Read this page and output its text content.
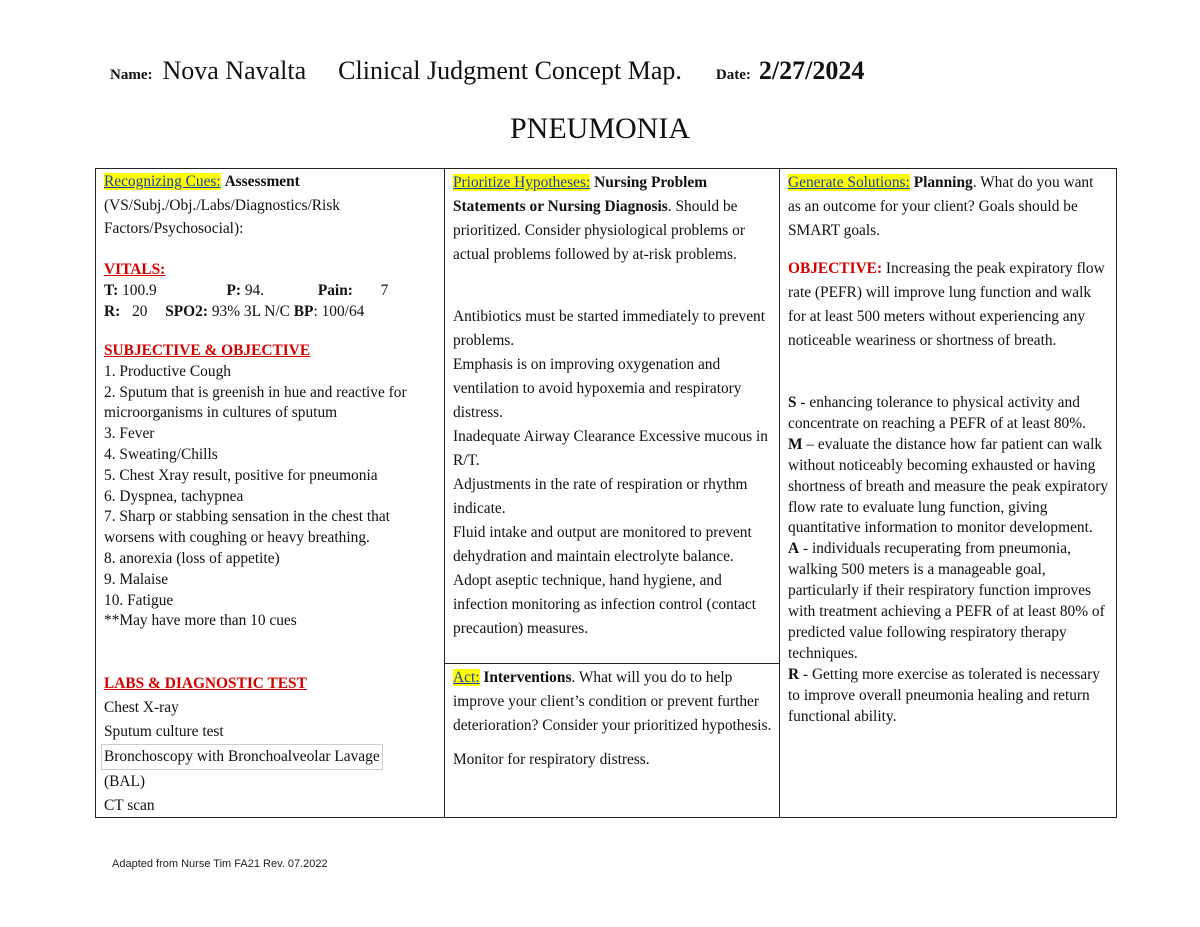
Name: Nova Navalta Clinical Judgment Concept Map. Date: 2/27/2024
PNEUMONIA
Recognizing Cues: Assessment
(VS/Subj./Obj./Labs/Diagnostics/Risk Factors/Psychosocial):
VITALS:
T: 100.9	P: 94.	Pain: 7
R: 20 SPO2: 93% 3L N/C BP: 100/64
SUBJECTIVE & OBJECTIVE
1. Productive Cough
2. Sputum that is greenish in hue and reactive for microorganisms in cultures of sputum
3. Fever
4. Sweating/Chills
5. Chest Xray result, positive for pneumonia
6. Dyspnea, tachypnea
7. Sharp or stabbing sensation in the chest that worsens with coughing or heavy breathing.
8. anorexia (loss of appetite)
9. Malaise
10. Fatigue
**May have more than 10 cues
LABS & DIAGNOSTIC TEST
Chest X-ray
Sputum culture test
Bronchoscopy with Bronchoalveolar Lavage
(BAL)
CT scan
Prioritize Hypotheses: Nursing Problem Statements or Nursing Diagnosis. Should be prioritized. Consider physiological problems or actual problems followed by at-risk problems.
Antibiotics must be started immediately to prevent problems.
Emphasis is on improving oxygenation and ventilation to avoid hypoxemia and respiratory distress.
Inadequate Airway Clearance Excessive mucous in R/T.
Adjustments in the rate of respiration or rhythm indicate.
Fluid intake and output are monitored to prevent dehydration and maintain electrolyte balance.
Adopt aseptic technique, hand hygiene, and infection monitoring as infection control (contact precaution) measures.
Act: Interventions. What will you do to help improve your client’s condition or prevent further deterioration? Consider your prioritized hypothesis.
Monitor for respiratory distress.
Generate Solutions: Planning. What do you want as an outcome for your client? Goals should be SMART goals.
OBJECTIVE: Increasing the peak expiratory flow rate (PEFR) will improve lung function and walk for at least 500 meters without experiencing any noticeable weariness or shortness of breath.
S - enhancing tolerance to physical activity and concentrate on reaching a PEFR of at least 80%.
M – evaluate the distance how far patient can walk without noticeably becoming exhausted or having shortness of breath and measure the peak expiratory flow rate to evaluate lung function, giving quantitative information to monitor development.
A - individuals recuperating from pneumonia, walking 500 meters is a manageable goal, particularly if their respiratory function improves with treatment achieving a PEFR of at least 80% of predicted value following respiratory therapy techniques.
R - Getting more exercise as tolerated is necessary to improve overall pneumonia healing and return functional ability.
Adapted from Nurse Tim FA21 Rev. 07.2022
